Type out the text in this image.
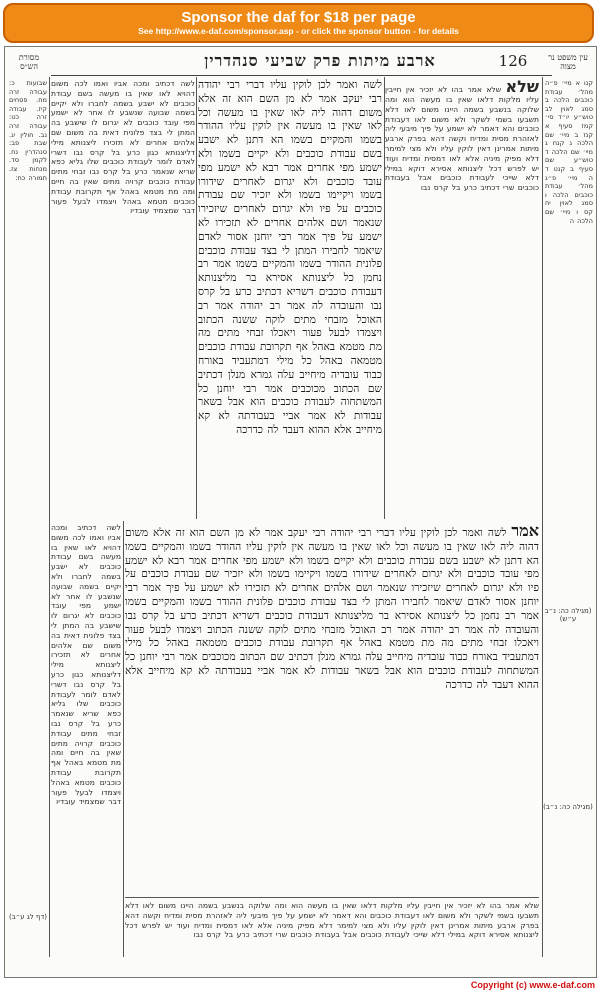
Sponsor the daf for $18 per page
See http://www.e-daf.com/sponsor.asp - or click the sponsor button - for details
עין משפט נר מצוה
126
ארבע מיתות פרק שביעי סנהדרין
מסורת הש״ס
קנו א מיי׳ פ״ה מהל׳ עבודת כוכבים הלכה ב סמג לאוין לב טוש״ע יו״ד סי׳ קמז סעיף א קנז ב מיי׳ שם הלכה ג קנח ג מיי׳ שם הלכה ד טוש״ע שם סעיף ב קנט ד ה מיי׳ פ״ג מהל׳ עבודת כוכבים הלכה ו סמג לאוין יח קס ו מיי׳ שם הלכה ה
שבועות כ: עבודה זרה מח. פסחים קיז. עבודה זרה כט: עבודה זרה נב. חולין יג. שבת פב: סנהדרין נח. לקמן סד. מנחות צז. תמורה כח:
שלא שלא אמר בהו לא יזכיר אין חייבין עליו מלקות דלאו שאין בו מעשה הוא ומה שלוקה בנשבע בשמה היינו משום לאו דלא תשבעו בשמי לשקר ולא משום לאו דעבודת כוכבים והא דאמר לא ישמע על פיך מיבעי ליה לאזהרת מסית ומדיח וקשה דהא בפרק ארבע מיתות אמרינן דאין לוקין עליו ולא מצי למימר דלא מפיק מיניה אלא לאו דמסית ומדיח ועוד יש לפרש דכל ליצנותא אסירא דוקא במילי דלא שייכי לעבודת כוכבים אבל בעבודת כוכבים שרי דכתיב כרע בל קרס נבו
לשה דכתיב ומכה אביו ואמו לכה משום דהויא לאו שאין בו מעשה בשם עבודת כוכבים לא ישבע בשמה לחברו ולא יקיים בשמה שבועה שנשבע לו אחר לא ישמע מפי עובד כוכבים לא יגרום לו שישבע בה המתן לי בצד פלונית דאית בה משום שם אלהים אחרים לא תזכירו ליצנותא מילי דליצנותא כגון כרע בל קרס נבו דשרי לאדם לומר לעבודת כוכבים שלו גליא כפא שריא שנאמר כרע בל קרס נבו זבחי מתים עבודת כוכבים קרויה מתים שאין בה חיים ומה מת מטמא באהל אף תקרובת עבודת כוכבים מטמא באהל ויצמדו לבעל פעור דבר שמצמיד עובדיו
לשה ואמר לכן לוקין עליו דברי רבי יהודה רבי יעקב אמר לא מן השם הוא זה אלא משום דהוה ליה לאו שאין בו מעשה וכל לאו שאין בו מעשה אין לוקין עליו ההודר בשמו והמקיים בשמו הא דתנן לא ישבע בשם עבודת כוכבים ולא יקיים בשמו ולא ישמע מפי אחרים אמר רבא לא ישמע מפי עובד כוכבים ולא יגרום לאחרים שידורו בשמו ויקיימו בשמו ולא יזכיר שם עבודת כוכבים על פיו ולא יגרום לאחרים שיזכירו שנאמר ושם אלהים אחרים לא תזכירו לא ישמע על פיך אמר רבי יוחנן אסור לאדם שיאמר לחבירו המתן לי בצד עבודת כוכבים פלונית ההודר בשמו והמקיים בשמו אמר רב נחמן כל ליצנותא אסירא בר מליצנותא דעבודת כוכבים דשריא דכתיב כרע בל קרס נבו והעובדה לה אמר רב יהודה אמר רב האוכל מזבחי מתים לוקה ששנה הכתוב ויצמדו לבעל פעור ויאכלו זבחי מתים מה מת מטמא באהל אף תקרובת עבודת כוכבים מטמאה באהל כל מילי דמתעביד באורח כבוד עובדיה מיחייב עלה גמרא מנלן דכתיב שם הכתוב מכוכבים אמר רבי יוחנן כל המשתחוה לעבודת כוכבים הוא אבל בשאר עבודות לא אמר אביי בעבודתה לא קא מיחייב אלא ההוא דעבד לה כדרכה
אמר לשה ואמר לכן לוקין עליו דברי רבי יהודה רבי יעקב אמר לא מן השם הוא זה אלא משום דהוה ליה לאו שאין בו מעשה וכל לאו שאין בו מעשה אין לוקין עליו ההודר בשמו והמקיים בשמו הא דתנן לא ישבע בשם עבודת כוכבים ולא יקיים בשמו ולא ישמע מפי אחרים אמר רבא לא ישמע מפי עובד כוכבים ולא יגרום לאחרים שידורו בשמו ויקיימו בשמו ולא יזכיר שם עבודת כוכבים על פיו ולא יגרום לאחרים שיזכירו שנאמר ושם אלהים אחרים לא תזכירו לא ישמע על פיך אמר רבי יוחנן אסור לאדם שיאמר לחבירו המתן לי בצד עבודת כוכבים פלונית ההודר בשמו והמקיים בשמו אמר רב נחמן כל ליצנותא אסירא בר מליצנותא דעבודת כוכבים דשריא דכתיב כרע בל קרס נבו והעובדה לה אמר רב יהודה אמר רב האוכל מזבחי מתים לוקה ששנה הכתוב ויצמדו לבעל פעור ויאכלו זבחי מתים מה מת מטמא באהל אף תקרובת עבודת כוכבים מטמאה באהל כל מילי דמתעביד באורח כבוד עובדיה מיחייב עלה גמרא מנלן דכתיב שם הכתוב מכוכבים אמר רבי יוחנן כל המשתחוה לעבודת כוכבים הוא אבל בשאר עבודות לא אמר אביי בעבודתה לא קא מיחייב אלא ההוא דעבד לה כדרכה
לשה דכתיב ומכה אביו ואמו לכה משום דהויא לאו שאין בו מעשה בשם עבודת כוכבים לא ישבע בשמה לחברו ולא יקיים בשמה שבועה שנשבע לו אחר לא ישמע מפי עובד כוכבים לא יגרום לו שישבע בה המתן לי בצד פלונית דאית בה משום שם אלהים אחרים לא תזכירו ליצנותא מילי דליצנותא כגון כרע בל קרס נבו דשרי לאדם לומר לעבודת כוכבים שלו גליא כפא שריא שנאמר כרע בל קרס נבו זבחי מתים עבודת כוכבים קרויה מתים שאין בה חיים ומה מת מטמא באהל אף תקרובת עבודת כוכבים מטמא באהל ויצמדו לבעל פעור דבר שמצמיד עובדיו
שלא אמר בהו לא יזכיר אין חייבין עליו מלקות דלאו שאין בו מעשה הוא ומה שלוקה בנשבע בשמה היינו משום לאו דלא תשבעו בשמי לשקר ולא משום לאו דעבודת כוכבים והא דאמר לא ישמע על פיך מיבעי ליה לאזהרת מסית ומדיח וקשה דהא בפרק ארבע מיתות אמרינן דאין לוקין עליו ולא מצי למימר דלא מפיק מיניה אלא לאו דמסית ומדיח ועוד יש לפרש דכל ליצנותא אסירא דוקא במילי דלא שייכי לעבודת כוכבים אבל בעבודת כוכבים שרי דכתיב כרע בל קרס נבו
(מגילה כה: נ״ב ע״ש)
(מגילה כה: נ״ב)
(דף לג ע״ב)
Copyright (c) www.e-daf.com
